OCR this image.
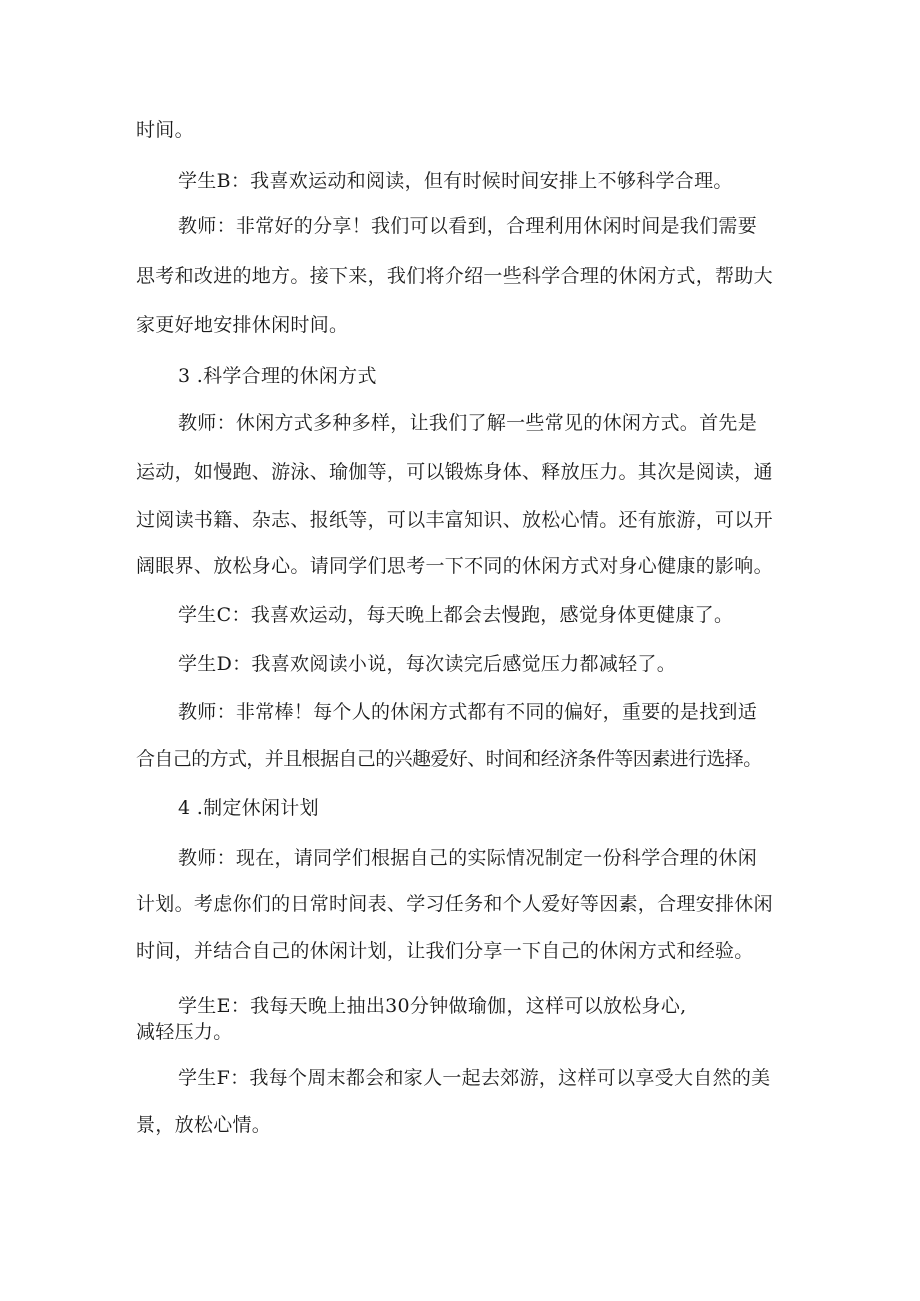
时间。
学生B：我喜欢运动和阅读，但有时候时间安排上不够科学合理。
教师：非常好的分享！我们可以看到，合理利用休闲时间是我们需要
思考和改进的地方。接下来，我们将介绍一些科学合理的休闲方式，帮助大
家更好地安排休闲时间。
3 .科学合理的休闲方式
教师：休闲方式多种多样，让我们了解一些常见的休闲方式。首先是
运动，如慢跑、游泳、瑜伽等，可以锻炼身体、释放压力。其次是阅读，通
过阅读书籍、杂志、报纸等，可以丰富知识、放松心情。还有旅游，可以开
阔眼界、放松身心。请同学们思考一下不同的休闲方式对身心健康的影响。
学生C：我喜欢运动，每天晚上都会去慢跑，感觉身体更健康了。
学生D：我喜欢阅读小说，每次读完后感觉压力都减轻了。
教师：非常棒！每个人的休闲方式都有不同的偏好，重要的是找到适
合自己的方式，并且根据自己的兴趣爱好、时间和经济条件等因素进行选择。
4 .制定休闲计划
教师：现在，请同学们根据自己的实际情况制定一份科学合理的休闲
计划。考虑你们的日常时间表、学习任务和个人爱好等因素，合理安排休闲
时间，并结合自己的休闲计划，让我们分享一下自己的休闲方式和经验。
学生E：我每天晚上抽出30分钟做瑜伽，这样可以放松身心,
减轻压力。
学生F：我每个周末都会和家人一起去郊游，这样可以享受大自然的美
景，放松心情。
